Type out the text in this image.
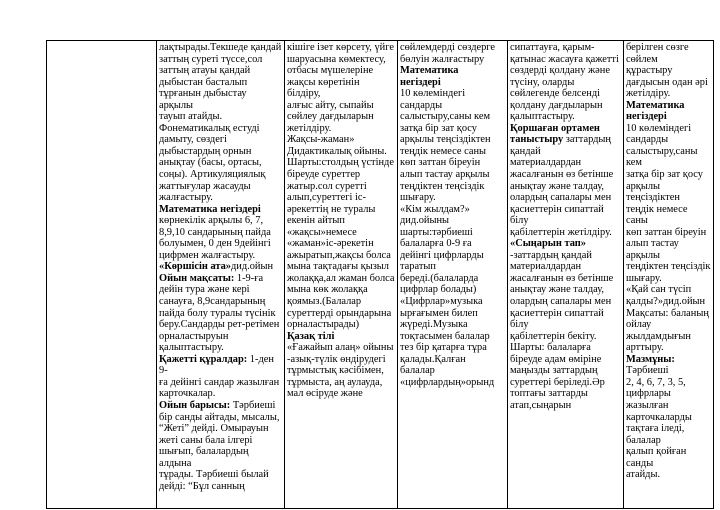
лақтырады.Текшеде қандай
заттың суреті түссе,сол
заттың атауы қандай
дыбыстан басталып
тұрғанын дыбыстау арқылы
тауып атайды.
Фонематикалық естуді
дамыту, сөздегі
дыбыстардың орнын
анықтау (басы, ортасы,
соңы). Артикуляциялық
жаттығулар жасауды
жалғастыру.
Математика негіздері
көрнекілік арқылы 6, 7,
8,9,10 сандарының пайда
болуымен, 0 ден 9дейінгі
цифрмен жалғастыру.
«Көршісін ата»дид.ойын
Ойын мақсаты: 1-9-ға
дейін тура және кері
санауға, 8,9сандарының
пайда болу туралы түсінік
беру.Сандарды рет-ретімен
орналастыруын
қалыптастыру.
Қажетті құралдар: 1-ден 9-
ға дейінгі сандар жазылған
карточкалар.
Ойын барысы: Тәрбиеші
бір санды айтады, мысалы,
“Жеті” дейді. Омырауын
жеті саны бала ілгері
шығып, балалардың алдына
тұрады. Тәрбиеші былай
дейді: “Бұл санның

кішіге ізет көрсету, үйге
шаруасына көмектесу,
отбасы мүшелеріне
жақсы көретінін білдіру,
алғыс айту, сыпайы
сөйлеу дағдыларын
жетілдіру.
Жақсы-жаман»
Дидактикалық ойыны.
Шарты:столдың үстінде
біреуде суреттер
жатыр.сол суретті
алып,суреттегі іс-
әрекеттің не туралы
екенін айтып
«жақсы»немесе
«жаман»іс-әрекетін
ажыратып,жақсы болса
мына тақтадағы қызыл
жолаққа,ал жаман болса
мына көк жолаққа
қоямыз.(Балалар
суреттерді орындарына
орналастырады)
Қазақ тілі
«Ғажайып алаң» ойыны
-азық-түлік өндірудегі
тұрмыстық кәсібімен,
тұрмыста, аң аулауда,
мал өсіруде және

сөйлемдерді сөздерге
бөлуін жалғастыру
Математика
негіздері
10 көлеміндегі
сандарды
салыстыру,саны кем
затқа бір зат қосу
арқылы теңсіздіктен
теңдік немесе саны
көп заттан біреуін
алып тастау арқылы
теңдіктен теңсіздік
шығару.
«Кім жылдам?»
дид.ойыны
шарты:тәрбиеші
балаларға 0-9 ға
дейінгі цифрларды
таратып
береді.(балаларда
цифрлар болады)
«Цифрлар»музыка
ырғағымен билеп
жүреді.Музыка
тоқтасымен балалар
тез бір қатарға тұра
қалады.Қалған
балалар
«цифрлардың»орынд

сипаттауға, қарым-
қатынас жасауға қажетті
сөздерді қолдану және
түсіну, оларды
сөйлегенде белсенді
қолдану дағдыларын
қалыптастыру.
Қоршаған ортамен
таныстыру заттардың
қандай
материалдардан
жасалғанын өз бетінше
анықтау және талдау,
олардың сапалары мен
қасиеттерін сипаттай білу
қабілеттерін жетілдіру.
«Сыңарын тап»
-заттардың қандай
материалдардан
жасалғанын өз бетінше
анықтау және талдау,
олардың сапалары мен
қасиеттерін сипаттай білу
қабілеттерін бекіту.
Шарты: балаларға
біреуде адам өміріне
маңызды заттардың
суреттері беріледі.Әр
топтағы заттарды
атап,сыңарын

берілген сөзге сөйлем
құрастыру
дағдысын одан әрі
жетілдіру.
Математика
негіздері
10 көлеміндегі
сандарды
салыстыру,саны кем
затқа бір зат қосу
арқылы теңсіздіктен
теңдік немесе саны
көп заттан біреуін
алып тастау арқылы
теңдіктен теңсіздік
шығару.
«Қай сан түсіп
қалды?»дид.ойын
Мақсаты: баланың
ойлау жылдамдығын
арттыру.
Мазмұны: Тәрбиеші
2, 4, 6, 7, 3, 5,
цифрлары жазылған
карточкаларды
тақтаға іледі, балалар
қалып қойған санды
атайды.
